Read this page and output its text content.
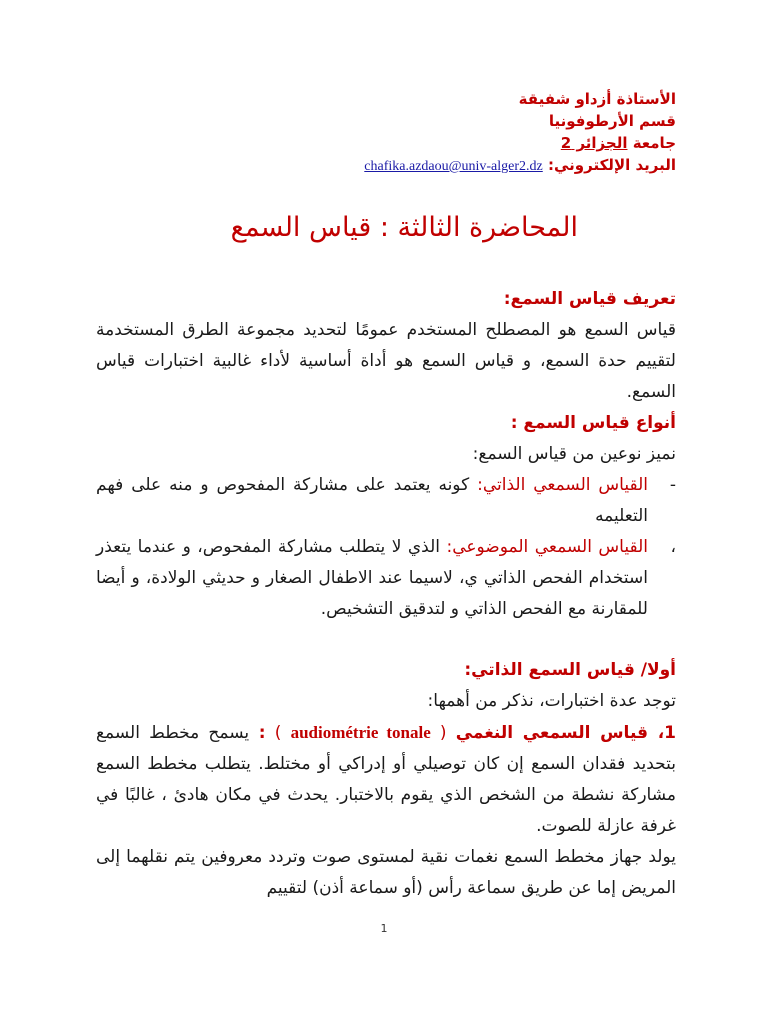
الأستاذة أزداو شفيقة
قسم الأرطوفونيا
جامعة الجزائر 2
البريد الإلكتروني: chafika.azdaou@univ-alger2.dz
المحاضرة الثالثة : قياس السمع

تعريف قياس السمع:

قياس السمع هو المصطلح المستخدم عمومًا لتحديد مجموعة الطرق المستخدمة لتقييم حدة السمع، و قياس السمع هو أداة أساسية لأداء غالبية اختبارات قياس السمع.

أنواع قياس السمع :

نميز نوعين من قياس السمع:

-
القياس السمعي الذاتي: كونه يعتمد على مشاركة المفحوص و منه على فهم التعليمه
،
القياس السمعي الموضوعي: الذي لا يتطلب مشاركة المفحوص، و عندما يتعذر استخدام الفحص الذاتي ي، لاسيما عند الاطفال الصغار و حديثي الولادة، و أيضا للمقارنة مع الفحص الذاتي و لتدقيق التشخيص.

أولا/ قياس السمع الذاتي:

توجد عدة اختبارات، نذكر من أهمها:

1، قياس السمعي النغمي ( audiométrie tonale ) : يسمح مخطط السمع بتحديد فقدان السمع إن كان توصيلي أو إدراكي أو مختلط. يتطلب مخطط السمع مشاركة نشطة من الشخص الذي يقوم بالاختبار. يحدث في مكان هادئ ، غالبًا في غرفة عازلة للصوت.

يولد جهاز مخطط السمع نغمات نقية لمستوى صوت وتردد معروفين يتم نقلهما إلى المريض إما عن طريق سماعة رأس (أو سماعة أذن) لتقييم

1
